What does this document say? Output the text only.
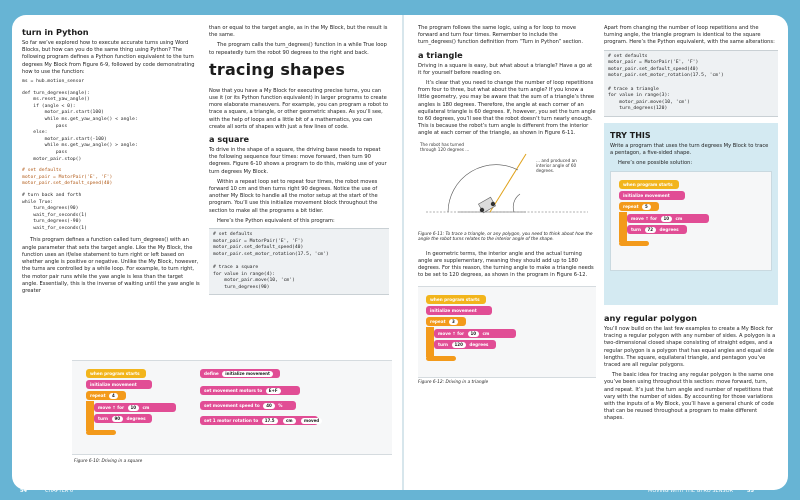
turn in Python
So far we’ve explored how to execute accurate turns using Word Blocks, but how can you do the same thing using Python? The following program defines a Python function equivalent to the turn degrees My Block from Figure 6-9, followed by code demonstrating how to use the function:
ms = hub.motion_sensor
def turn_degrees(angle):
ms.reset_yaw_angle()
if (angle < 0):
motor_pair.start(100)
while ms.get_yaw_angle() < angle:
pass
else:
motor_pair.start(-100)
while ms.get_yaw_angle() > angle:
pass
motor_pair.stop()
# set defaults
motor_pair = MotorPair('E', 'F')
motor_pair.set_default_speed(40)
# turn back and forth
while True:
turn_degrees(90)
wait_for_seconds(1)
turn_degrees(-90)
wait_for_seconds(1)
This program defines a function called turn_degrees() with an angle parameter that sets the target angle. Like the My Block, the function uses an if/else statement to turn right or left based on whether angle is positive or negative. Unlike the My Block, however, the turns are controlled by a while loop. For example, to turn right, the motor pair runs while the yaw angle is less than the target angle. Essentially, this is the inverse of waiting until the yaw angle is greater
than or equal to the target angle, as in the My Block, but the result is the same.
The program calls the turn_degrees() function in a while True loop to repeatedly turn the robot 90 degrees to the right and back.
tracing shapes
Now that you have a My Block for executing precise turns, you can use it (or its Python function equivalent) in larger programs to create more elaborate maneuvers. For example, you can program a robot to trace a square, a triangle, or other geometric shapes. As you’ll see, with the help of loops and a little bit of a mathematics, you can create all sorts of shapes with just a few lines of code.
a square
To drive in the shape of a square, the driving base needs to repeat the following sequence four times: move forward, then turn 90 degrees. Figure 6-10 shows a program to do this, making use of your turn degrees My Block.
Within a repeat loop set to repeat four times, the robot moves forward 10 cm and then turns right 90 degrees. Notice the use of another My Block to handle all the motor setup at the start of the program. You’ll use this initialize movement block throughout the section to make all the programs a bit tidier.
Here’s the Python equivalent of this program:
# set defaults
motor_pair = MotorPair('E', 'F')
motor_pair.set_default_speed(40)
motor_pair.set_motor_rotation(17.5, 'cm')

# trace a square
for value in range(4):
motor_pair.move(10, 'cm')
turn_degrees(90)
when program starts
initialize movement
repeat 4
move ↑ for 10 cm
turn 90 degrees
define initialize movement
set movement motors to E+F
set movement speed to 40 %
set 1 motor rotation to 17.5	cm	moved
Figure 6-10: Driving in a square
The program follows the same logic, using a for loop to move forward and turn four times. Remember to include the turn_degrees() function definition from “Turn in Python” section.
a triangle
Driving in a square is easy, but what about a triangle? Have a go at it for yourself before reading on.
It’s clear that you need to change the number of loop repetitions from four to three, but what about the turn angle? If you know a little geometry, you may be aware that the sum of a triangle’s three angles is 180 degrees. Therefore, the angle at each corner of an equilateral triangle is 60 degrees. If, however, you set the turn angle to 60 degrees, you’ll see that the robot doesn’t turn nearly enough. This is because the robot’s turn angle is different from the interior angle at each corner of the triangle, as shown in Figure 6-11.
The robot has turned through 120 degrees ...
... and produced an interior angle of 60 degrees.
Figure 6-11: To trace a triangle, or any polygon, you need to think about how the angle the robot turns relates to the interior angle of the shape.
In geometric terms, the interior angle and the actual turning angle are supplementary, meaning they should add up to 180 degrees. For this reason, the turning angle to make a triangle needs to be set to 120 degrees, as shown in the program in Figure 6-12.
when program starts
initialize movement
repeat 3
move ↑ for 10 cm
turn 120 degrees
Figure 6-12: Driving in a triangle
Apart from changing the number of loop repetitions and the turning angle, the triangle program is identical to the square program. Here’s the Python equivalent, with the same alterations:
# set defaults
motor_pair = MotorPair('E', 'F')
motor_pair.set_default_speed(40)
motor_pair.set_motor_rotation(17.5, 'cm')

# trace a triangle
for value in range(3):
motor_pair.move(10, 'cm')
turn_degrees(120)
TRY THIS
Write a program that uses the turn degrees My Block to trace a pentagon, a five-sided shape.
Here’s one possible solution:
when program starts
initialize movement
repeat 5
move ↑ for 10 cm
turn 72 degrees
any regular polygon
You’ll now build on the last few examples to create a My Block for tracing a regular polygon with any number of sides. A polygon is a two-dimensional closed shape consisting of straight edges, and a regular polygon is a polygon that has equal angles and equal side lengths. The square, equilateral triangle, and pentagon you’ve traced are all regular polygons.
The basic idea for tracing any regular polygon is the same one you’ve been using throughout this section: move forward, turn, and repeat. It’s just the turn angle and number of repetitions that vary with the number of sides. By accounting for those variations with the inputs of a My Block, you’ll have a general chunk of code that can be reused throughout a program to make different shapes.
54	CHAPTER 6	MOVING WITH THE GYRO SENSOR	55
